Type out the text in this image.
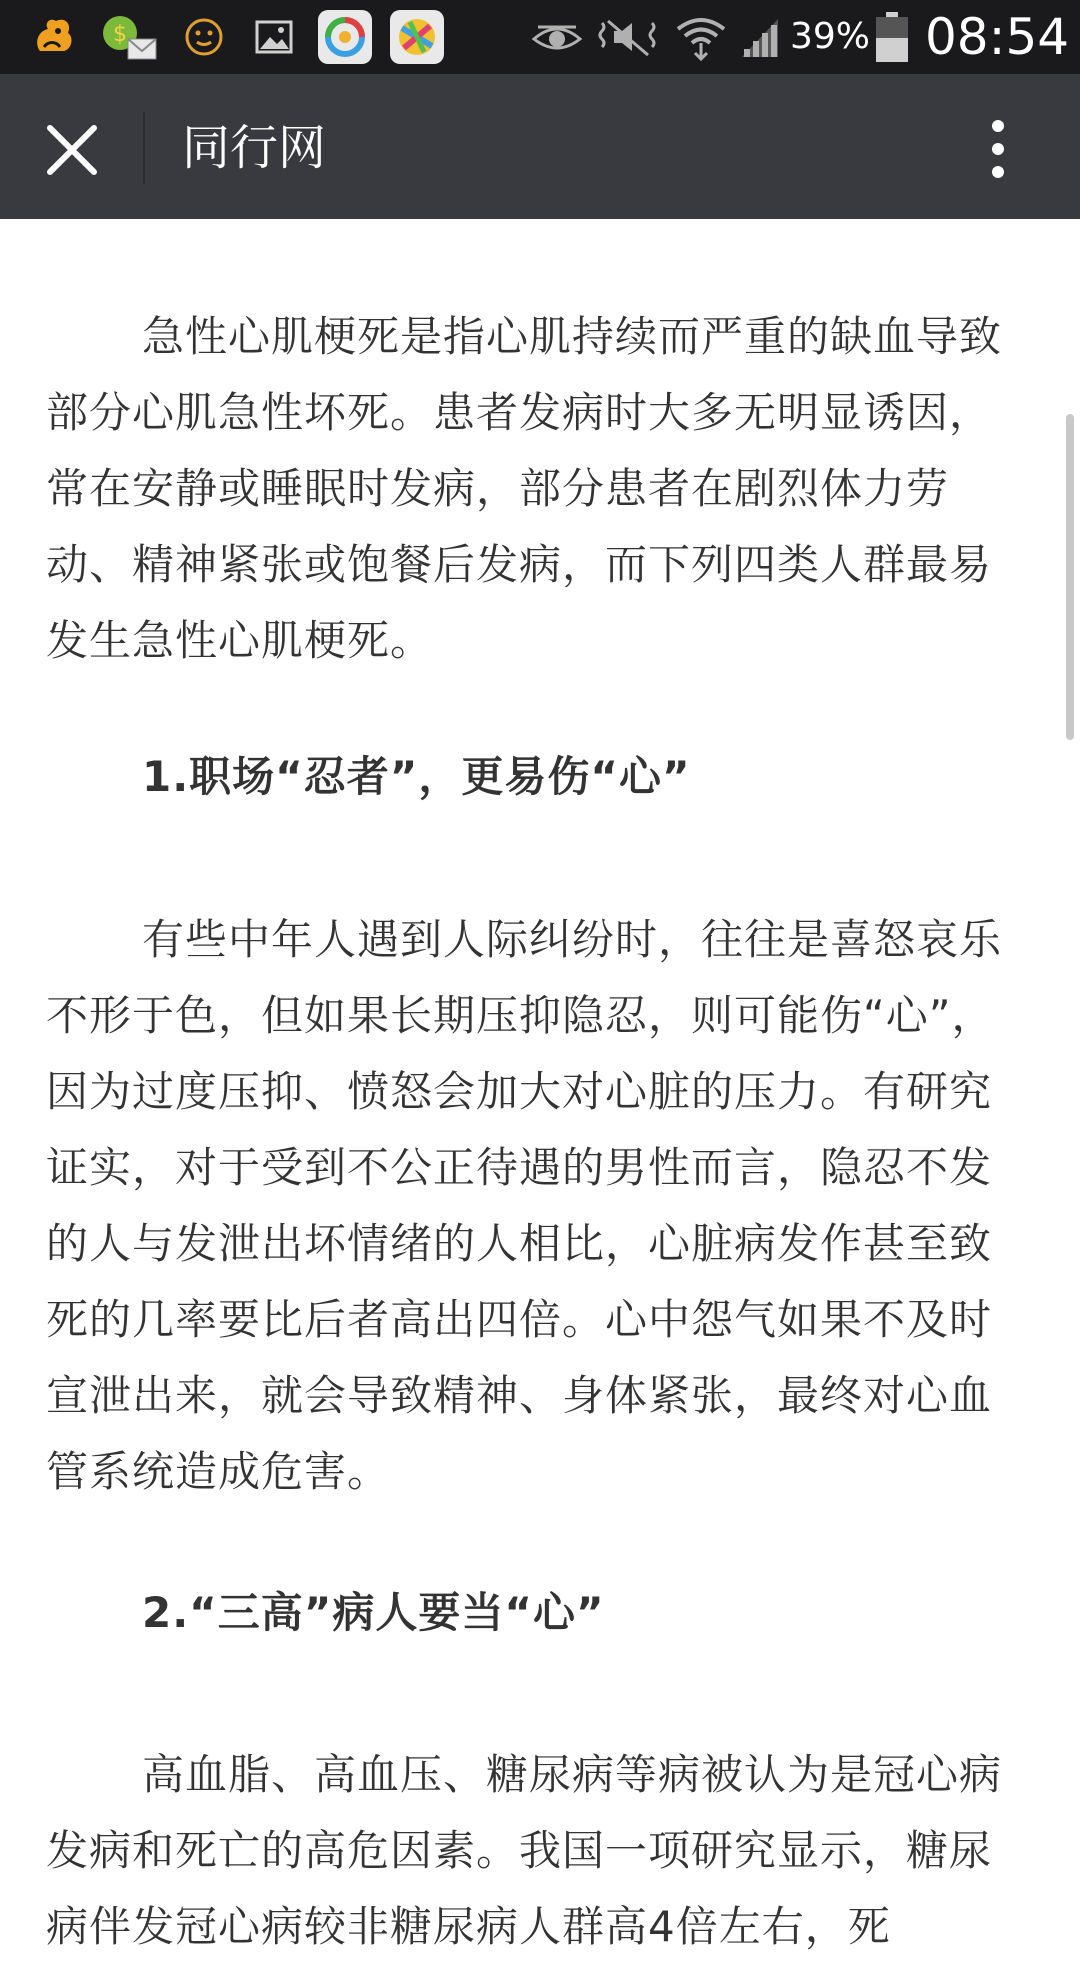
$	39% 08:54
同行网

急性心肌梗死是指心肌持续而严重的缺血导致部分心肌急性坏死。患者发病时大多无明显诱因，常在安静或睡眠时发病，部分患者在剧烈体力劳动、精神紧张或饱餐后发病，而下列四类人群最易发生急性心肌梗死。

1.职场“忍者”，更易伤“心”

有些中年人遇到人际纠纷时，往往是喜怒哀乐不形于色，但如果长期压抑隐忍，则可能伤“心”，因为过度压抑、愤怒会加大对心脏的压力。有研究证实，对于受到不公正待遇的男性而言，隐忍不发的人与发泄出坏情绪的人相比，心脏病发作甚至致死的几率要比后者高出四倍。心中怨气如果不及时宣泄出来，就会导致精神、身体紧张，最终对心血管系统造成危害。

2.“三高”病人要当“心”

高血脂、高血压、糖尿病等病被认为是冠心病发病和死亡的高危因素。我国一项研究显示，糖尿病伴发冠心病较非糖尿病人群高4倍左右，死
